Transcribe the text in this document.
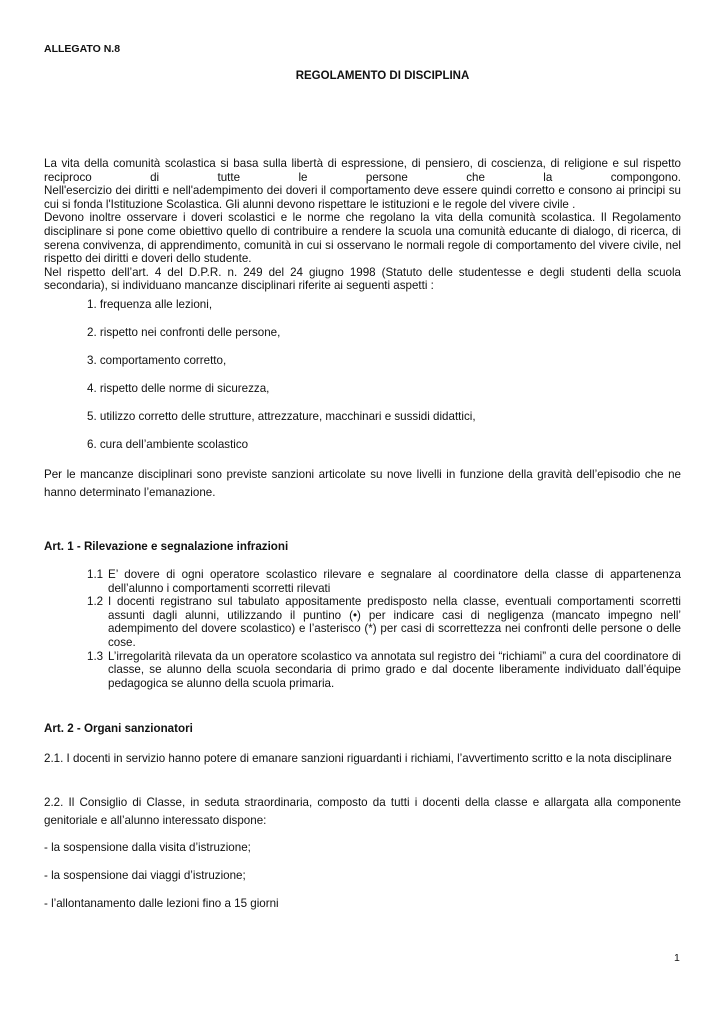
ALLEGATO N.8
REGOLAMENTO DI DISCIPLINA

La vita della comunità scolastica si basa sulla libertà di espressione, di pensiero, di coscienza, di religione e sul rispetto reciproco di tutte le persone che la compongono.

Nell'esercizio dei diritti e nell'adempimento dei doveri il comportamento deve essere quindi corretto e consono ai principi su cui si fonda l'Istituzione Scolastica. Gli alunni devono rispettare le istituzioni e le regole del vivere civile .

Devono inoltre osservare i doveri scolastici e le norme che regolano la vita della comunità scolastica. Il Regolamento disciplinare si pone come obiettivo quello di contribuire a rendere la scuola una comunità educante di dialogo, di ricerca, di serena convivenza, di apprendimento, comunità in cui si osservano le normali regole di comportamento del vivere civile, nel rispetto dei diritti e doveri dello studente.

Nel rispetto dell’art. 4 del D.P.R. n. 249 del 24 giugno 1998 (Statuto delle studentesse e degli studenti della scuola secondaria), si individuano mancanze disciplinari riferite ai seguenti aspetti :

1. frequenza alle lezioni,
2. rispetto nei confronti delle persone,
3. comportamento corretto,
4. rispetto delle norme di sicurezza,
5. utilizzo corretto delle strutture, attrezzature, macchinari e sussidi didattici,
6. cura dell’ambiente scolastico
Per le mancanze disciplinari sono previste sanzioni articolate su nove livelli in funzione della gravità dell’episodio che ne hanno determinato l’emanazione.
Art. 1 - Rilevazione e segnalazione infrazioni
1.1 E’ dovere di ogni operatore scolastico rilevare e segnalare al coordinatore della classe di appartenenza dell’alunno i comportamenti scorretti rilevati
1.2 I docenti registrano sul tabulato appositamente predisposto nella classe, eventuali comportamenti scorretti assunti dagli alunni, utilizzando il puntino (•) per indicare casi di negligenza (mancato impegno nell’ adempimento del dovere scolastico) e l’asterisco (*) per casi di scorrettezza nei confronti delle persone o delle cose.
1.3 L’irregolarità rilevata da un operatore scolastico va annotata sul registro dei “richiami” a cura del coordinatore di classe, se alunno della scuola secondaria di primo grado e dal docente liberamente individuato dall’équipe pedagogica se alunno della scuola primaria.
Art. 2 - Organi sanzionatori

2.1. I docenti in servizio hanno potere di emanare sanzioni riguardanti i richiami, l’avvertimento scritto e la nota disciplinare

2.2. Il Consiglio di Classe, in seduta straordinaria, composto da tutti i docenti della classe e allargata alla componente genitoriale e all’alunno interessato dispone:

- la sospensione dalla visita d’istruzione;

- la sospensione dai viaggi d’istruzione;

- l’allontanamento dalle lezioni fino a 15 giorni

1
